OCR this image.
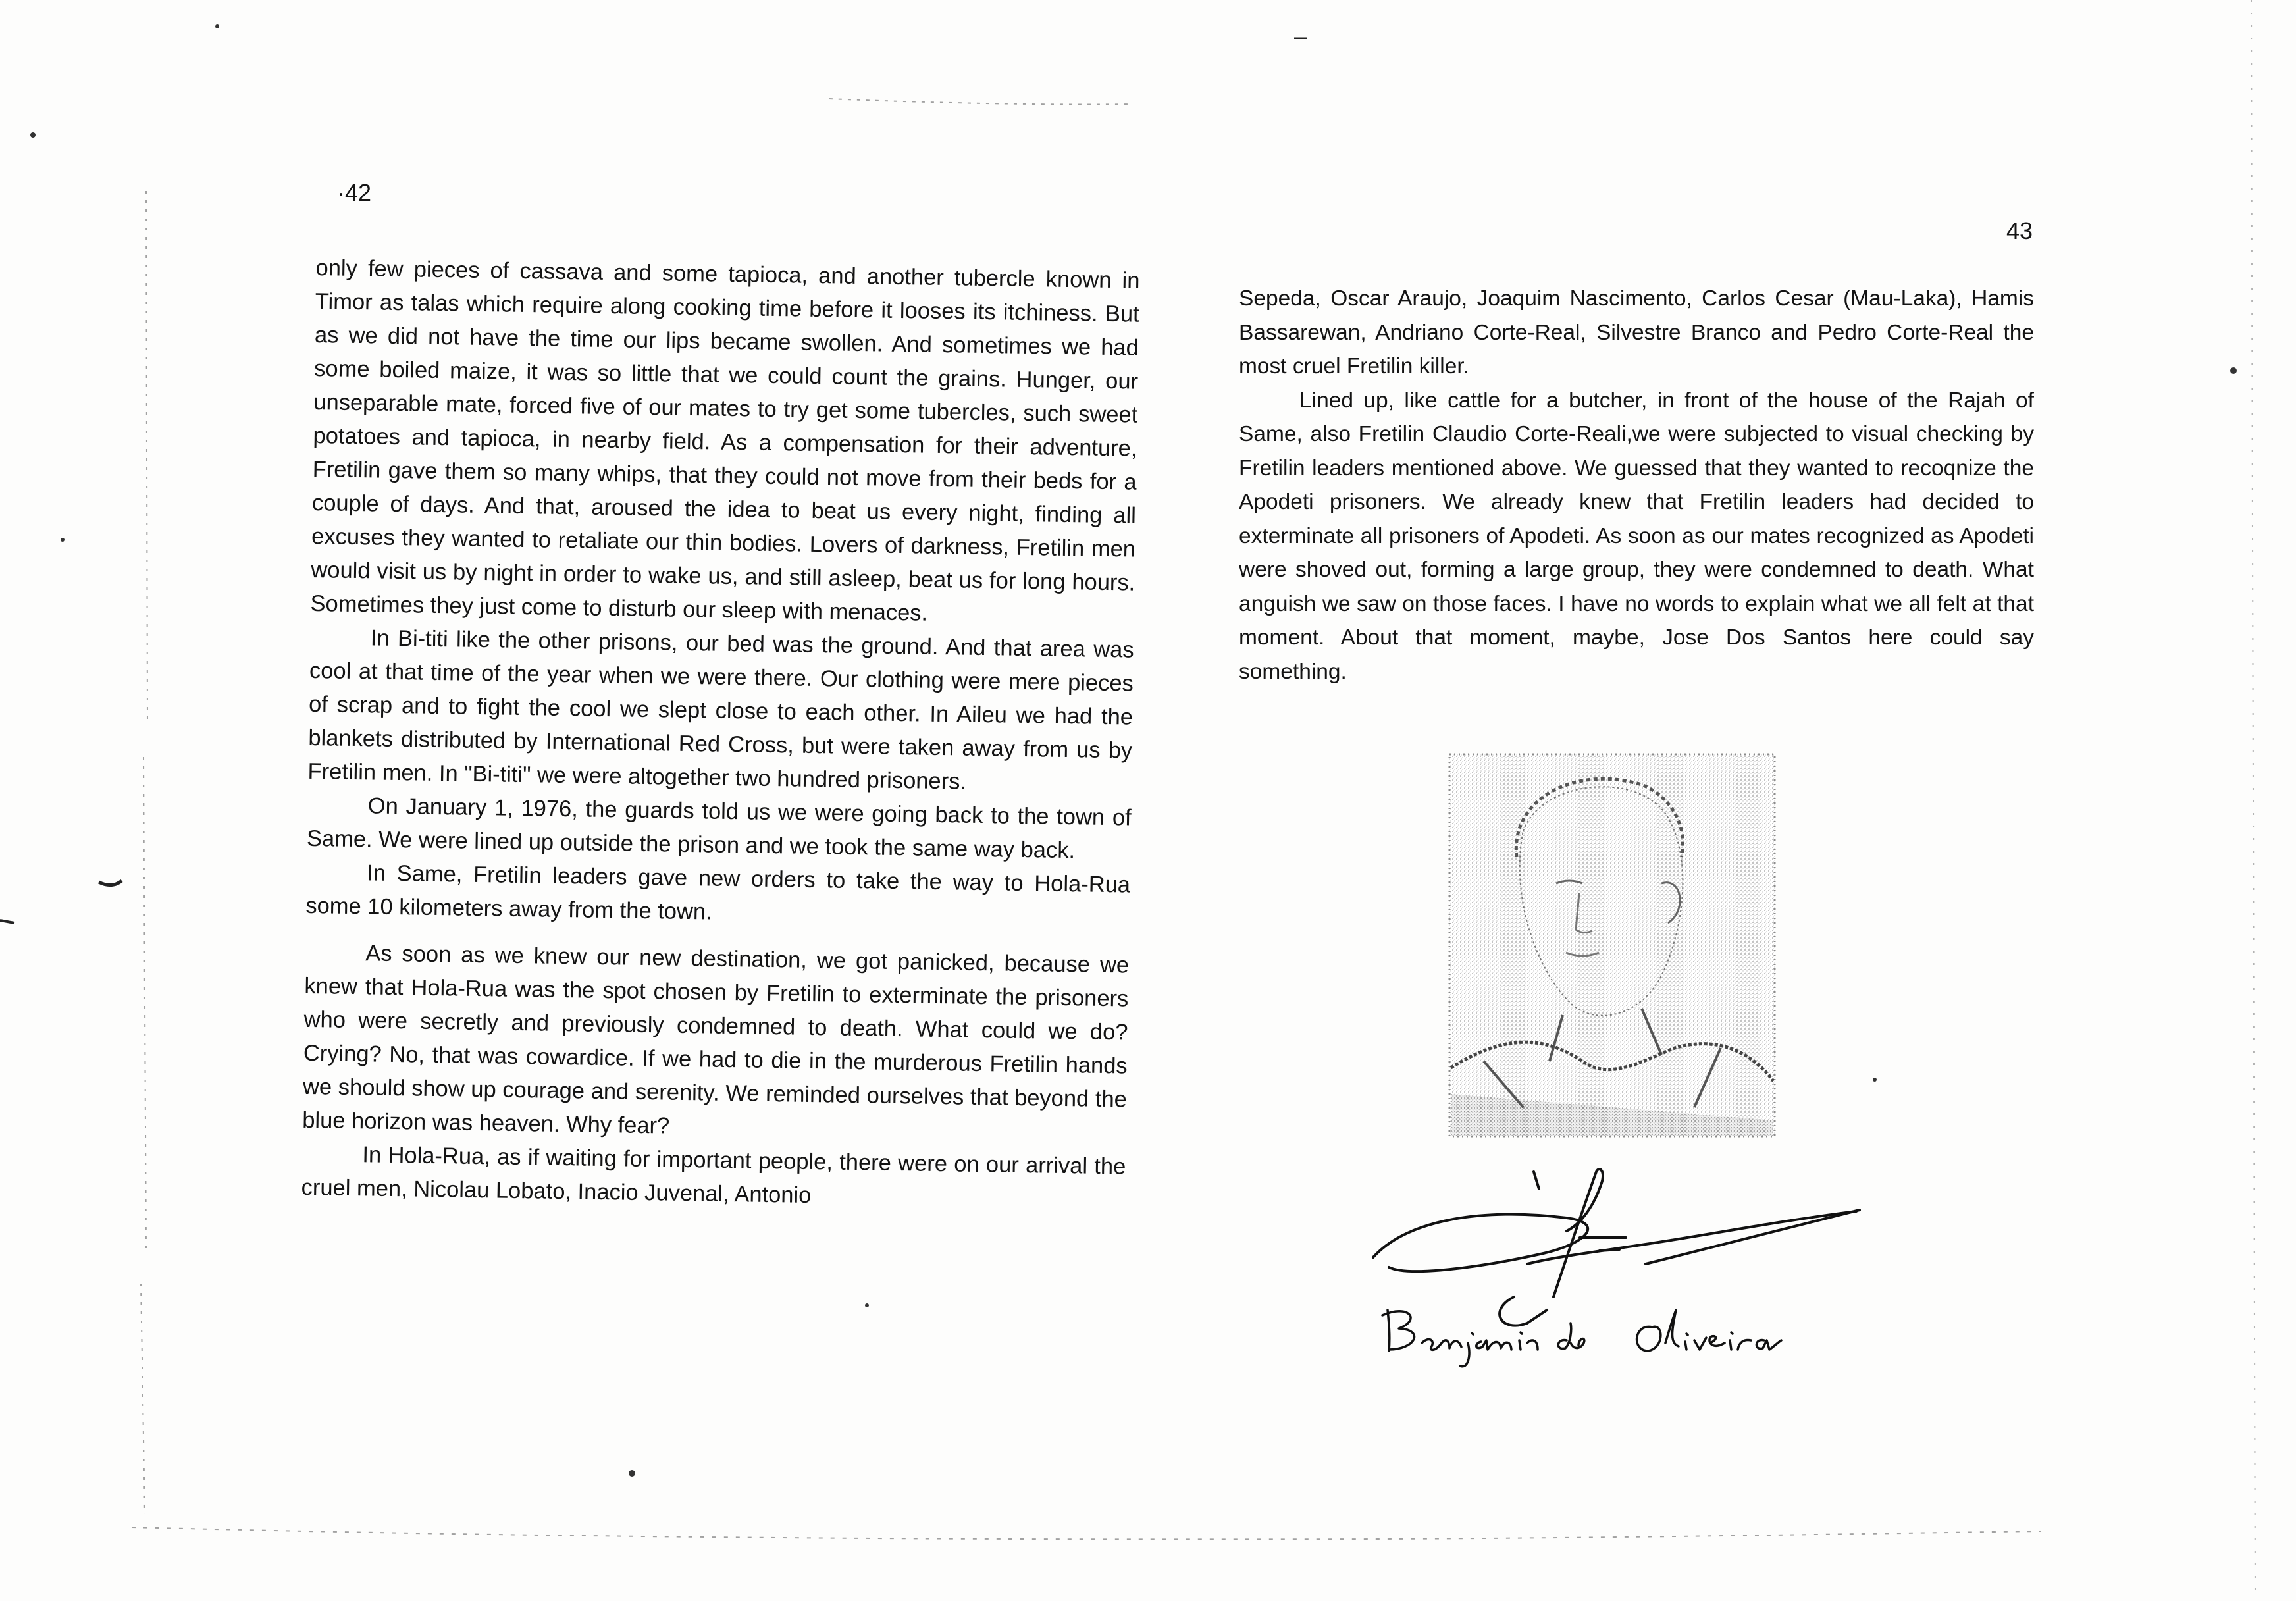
·42
43

only few pieces of cassava and some tapioca, and another tubercle known in Timor as talas which require along cooking time before it looses its itchiness. But as we did not have the time our lips became swollen. And sometimes we had some boiled maize, it was so little that we could count the grains. Hunger, our unseparable mate, forced five of our mates to try get some tubercles, such sweet potatoes and tapioca, in nearby field. As a compensation for their adventure, Fretilin gave them so many whips, that they could not move from their beds for a couple of days. And that, aroused the idea to beat us every night, finding all excuses they wanted to retaliate our thin bodies. Lovers of darkness, Fretilin men would visit us by night in order to wake us, and still asleep, beat us for long hours. Sometimes they just come to disturb our sleep with menaces.

In Bi-titi like the other prisons, our bed was the ground. And that area was cool at that time of the year when we were there. Our clothing were mere pieces of scrap and to fight the cool we slept close to each other. In Aileu we had the blankets distributed by International Red Cross, but were taken away from us by Fretilin men. In "Bi-titi" we were altogether two hundred prisoners.

On January 1, 1976, the guards told us we were going back to the town of Same. We were lined up outside the prison and we took the same way back.

In Same, Fretilin leaders gave new orders to take the way to Hola-Rua some 10 kilometers away from the town.

As soon as we knew our new destination, we got panicked, because we knew that Hola-Rua was the spot chosen by Fretilin to exterminate the prisoners who were secretly and previously condemned to death. What could we do? Crying? No, that was cowardice. If we had to die in the murderous Fretilin hands we should show up courage and serenity. We reminded ourselves that beyond the blue horizon was heaven. Why fear?

In Hola-Rua, as if waiting for important people, there were on our arrival the cruel men, Nicolau Lobato, Inacio Juvenal, Antonio

Sepeda, Oscar Araujo, Joaquim Nascimento, Carlos Cesar (Mau-Laka), Hamis Bassarewan, Andriano Corte-Real, Silvestre Branco and Pedro Corte-Real the most cruel Fretilin killer.

Lined up, like cattle for a butcher, in front of the house of the Rajah of Same, also Fretilin Claudio Corte-Reali,we were subjected to visual checking by Fretilin leaders mentioned above. We guessed that they wanted to recoqnize the Apodeti prisoners. We already knew that Fretilin leaders had decided to exterminate all prisoners of Apodeti. As soon as our mates recognized as Apodeti were shoved out, forming a large group, they were condemned to death. What anguish we saw on those faces. I have no words to explain what we all felt at that moment. About that moment, maybe, Jose Dos Santos here could say something.
